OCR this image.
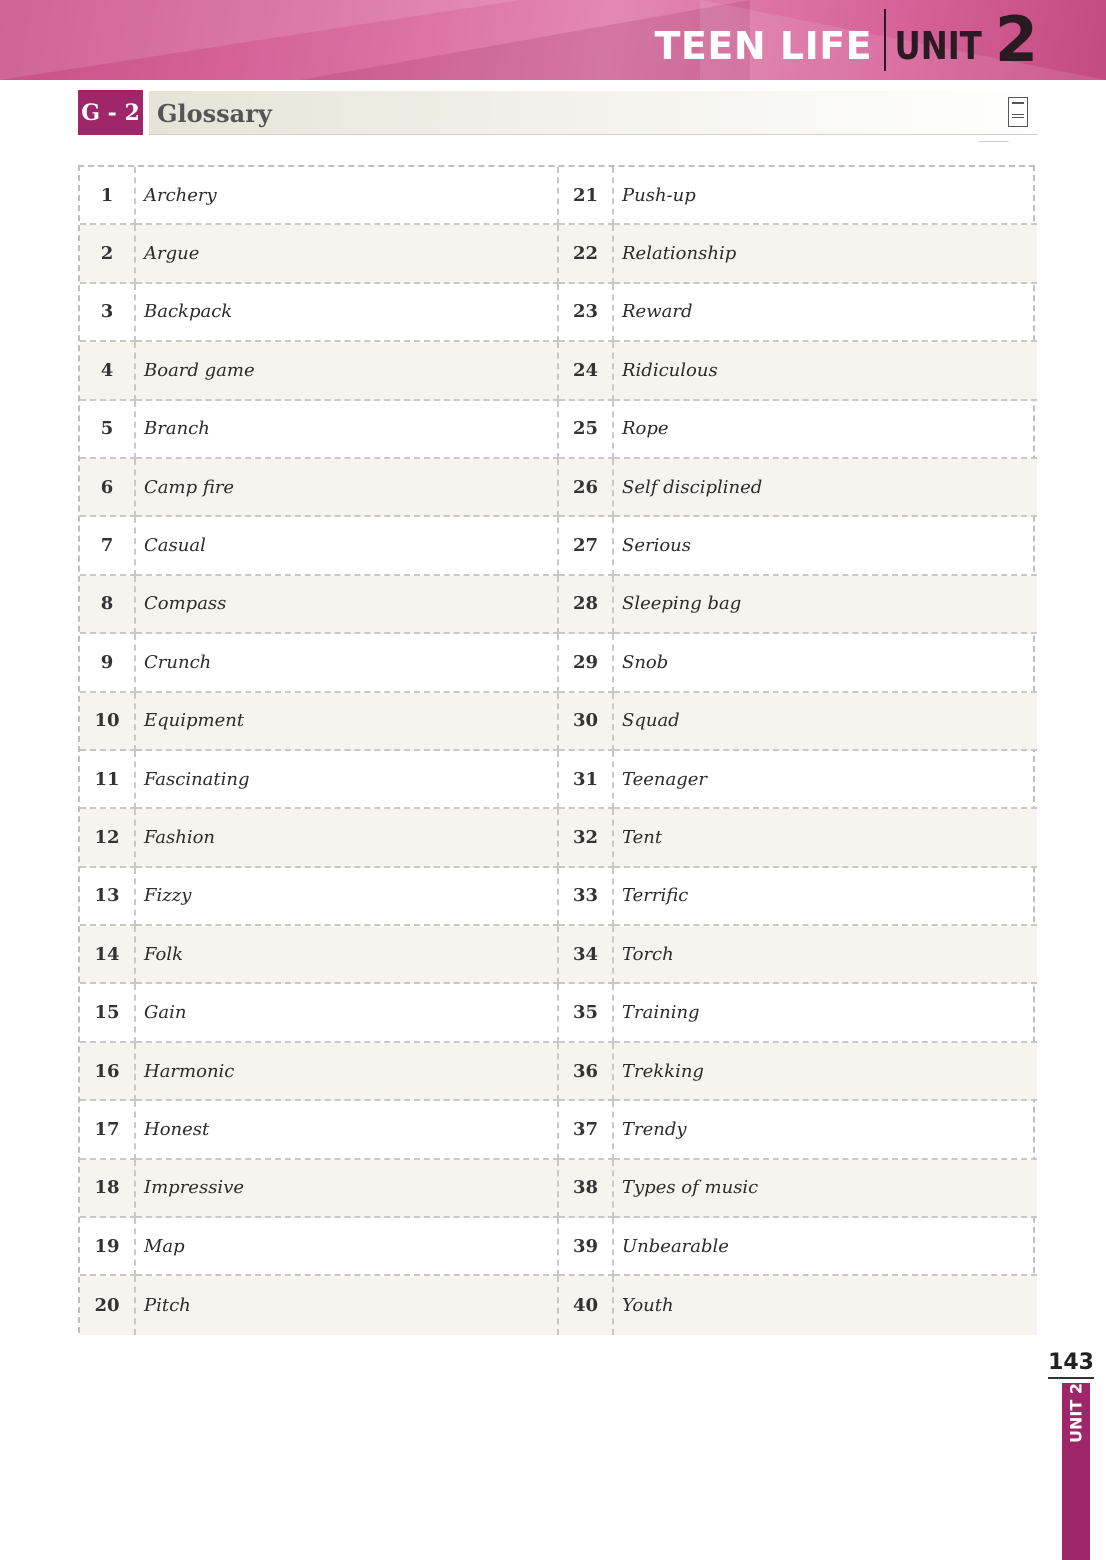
TEEN LIFE UNIT 2
G - 2 Glossary
1	Archery	21	Push-up
2	Argue	22	Relationship
3	Backpack	23	Reward
4	Board game	24	Ridiculous
5	Branch	25	Rope
6	Camp fire	26	Self disciplined
7	Casual	27	Serious
8	Compass	28	Sleeping bag
9	Crunch	29	Snob
10	Equipment	30	Squad
11	Fascinating	31	Teenager
12	Fashion	32	Tent
13	Fizzy	33	Terrific
14	Folk	34	Torch
15	Gain	35	Training
16	Harmonic	36	Trekking
17	Honest	37	Trendy
18	Impressive	38	Types of music
19	Map	39	Unbearable
20	Pitch	40	Youth
143
UNIT 2
